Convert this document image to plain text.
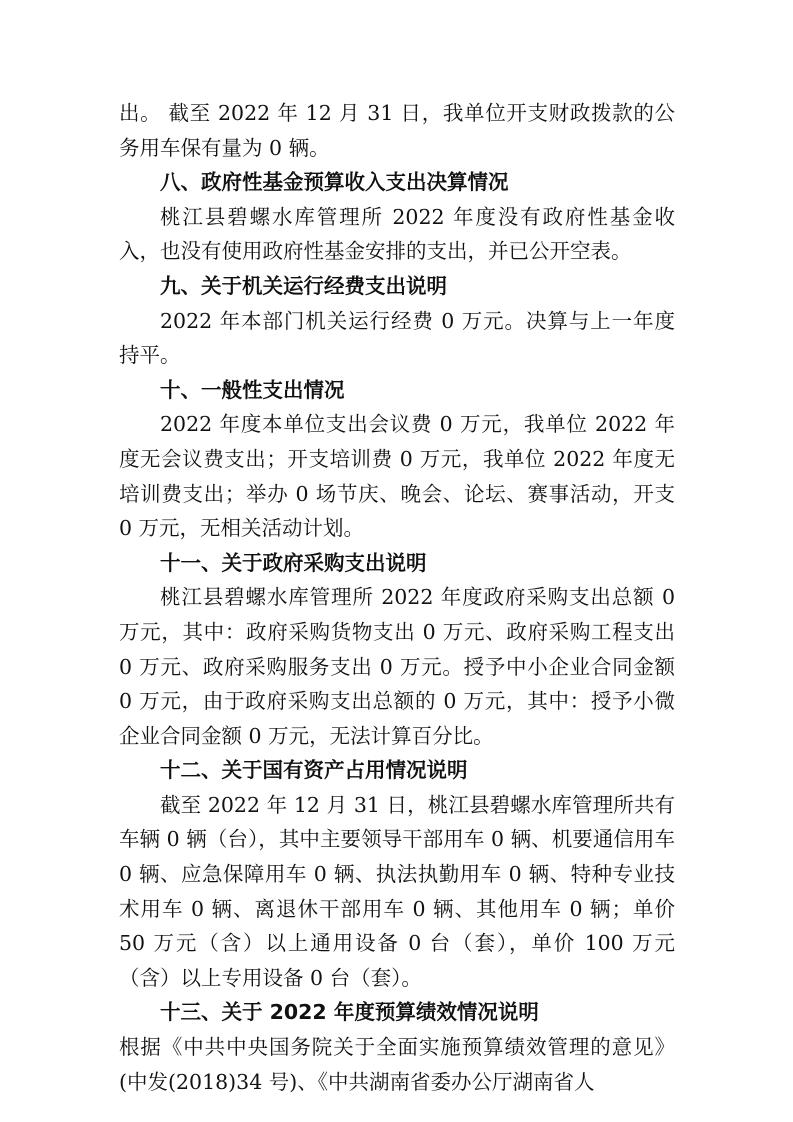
出。 截至 2022 年 12 月 31 日，我单位开支财政拨款的公务用车保有量为 0 辆。

八、政府性基金预算收入支出决算情况

桃江县碧螺水库管理所 2022 年度没有政府性基金收入，也没有使用政府性基金安排的支出，并已公开空表。

九、关于机关运行经费支出说明

2022 年本部门机关运行经费 0 万元。决算与上一年度持平。

十、一般性支出情况

2022 年度本单位支出会议费 0 万元，我单位 2022 年度无会议费支出；开支培训费 0 万元，我单位 2022 年度无培训费支出；举办 0 场节庆、晚会、论坛、赛事活动，开支 0 万元，无相关活动计划。

十一、关于政府采购支出说明

桃江县碧螺水库管理所 2022 年度政府采购支出总额 0 万元，其中：政府采购货物支出 0 万元、政府采购工程支出 0 万元、政府采购服务支出 0 万元。授予中小企业合同金额 0 万元，由于政府采购支出总额的 0 万元，其中：授予小微企业合同金额 0 万元，无法计算百分比。

十二、关于国有资产占用情况说明

截至 2022 年 12 月 31 日，桃江县碧螺水库管理所共有车辆 0 辆（台），其中主要领导干部用车 0 辆、机要通信用车 0 辆、应急保障用车 0 辆、执法执勤用车 0 辆、特种专业技术用车 0 辆、离退休干部用车 0 辆、其他用车 0 辆；单价 50 万元（含）以上通用设备 0 台（套），单价 100 万元（含）以上专用设备 0 台（套）。

十三、关于 2022 年度预算绩效情况说明

根据《中共中央国务院关于全面实施预算绩效管理的意见》(中发(2018)34 号)、《中共湖南省委办公厅湖南省人
